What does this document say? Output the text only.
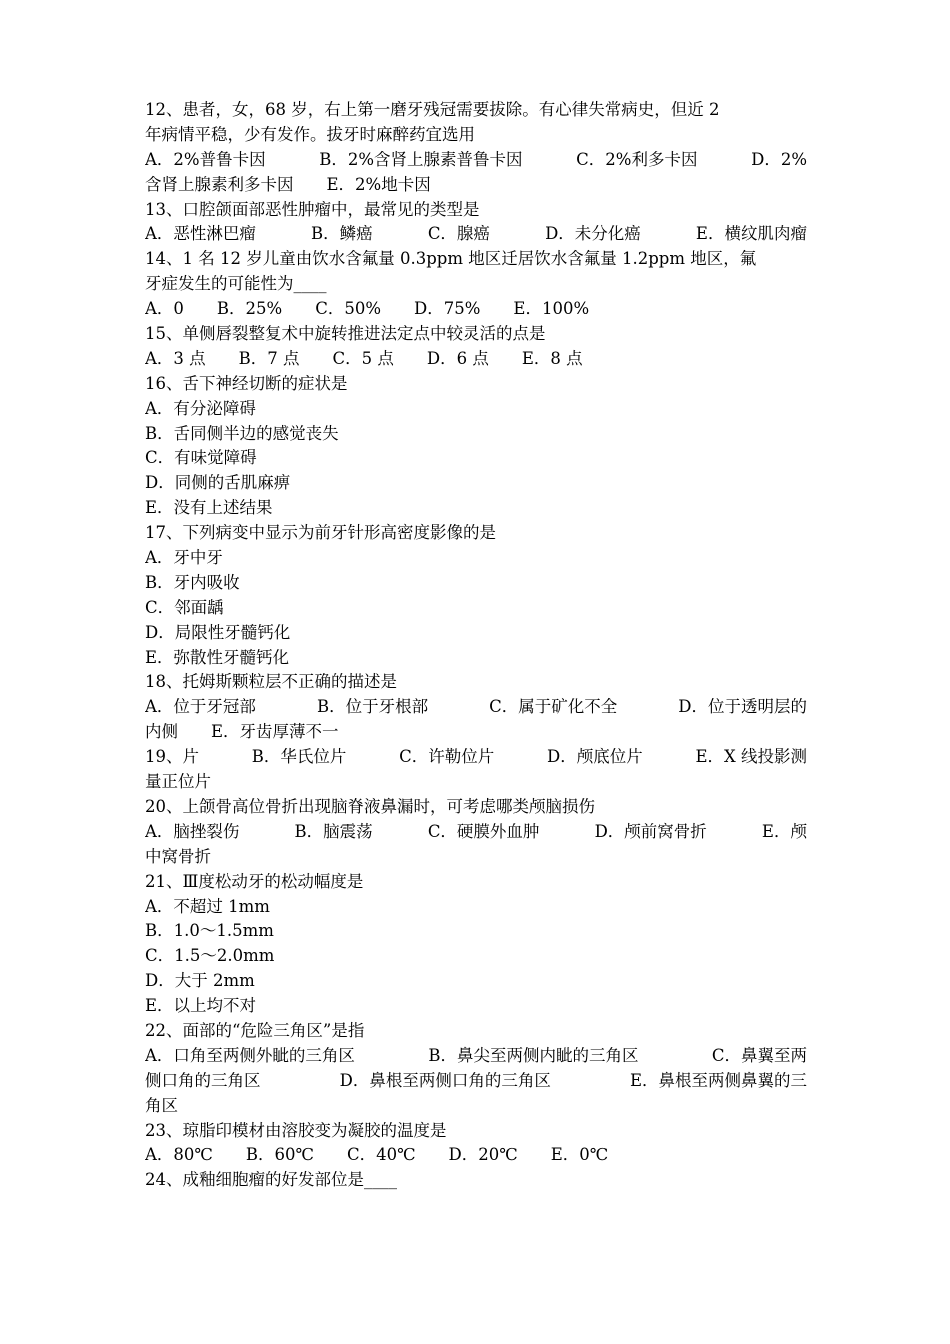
12、患者，女，68 岁，右上第一磨牙残冠需要拔除。有心律失常病史，但近 2
年病情平稳，少有发作。拔牙时麻醉药宜选用
A．2%普鲁卡因	B．2%含肾上腺素普鲁卡因	C．2%利多卡因	D．2%
含肾上腺素利多卡因　　E．2%地卡因
13、口腔颌面部恶性肿瘤中，最常见的类型是
A．恶性淋巴瘤	B．鳞癌	C．腺癌	D．未分化癌	E．横纹肌肉瘤
14、1 名 12 岁儿童由饮水含氟量 0.3ppm 地区迁居饮水含氟量 1.2ppm 地区，氟
牙症发生的可能性为____
A．0　　B．25%　　C．50%　　D．75%　　E．100%
15、单侧唇裂整复术中旋转推进法定点中较灵活的点是
A．3 点　　B．7 点　　C．5 点　　D．6 点　　E．8 点
16、舌下神经切断的症状是
A．有分泌障碍
B．舌同侧半边的感觉丧失
C．有味觉障碍
D．同侧的舌肌麻痹
E．没有上述结果
17、下列病变中显示为前牙针形高密度影像的是
A．牙中牙
B．牙内吸收
C．邻面龋
D．局限性牙髓钙化
E．弥散性牙髓钙化
18、托姆斯颗粒层不正确的描述是
A．位于牙冠部	B．位于牙根部	C．属于矿化不全	D．位于透明层的
内侧　　E．牙齿厚薄不一
19、片	B．华氏位片	C．许勒位片	D．颅底位片	E．X 线投影测
量正位片
20、上颌骨高位骨折出现脑脊液鼻漏时，可考虑哪类颅脑损伤
A．脑挫裂伤	B．脑震荡	C．硬膜外血肿	D．颅前窝骨折	E．颅
中窝骨折
21、Ⅲ度松动牙的松动幅度是
A．不超过 1mm
B．1.0～1.5mm
C．1.5～2.0mm
D．大于 2mm
E．以上均不对
22、面部的“危险三角区”是指
A．口角至两侧外眦的三角区	B．鼻尖至两侧内眦的三角区	C．鼻翼至两
侧口角的三角区	D．鼻根至两侧口角的三角区	E．鼻根至两侧鼻翼的三
角区
23、琼脂印模材由溶胶变为凝胶的温度是
A．80℃　　B．60℃　　C．40℃　　D．20℃　　E．0℃
24、成釉细胞瘤的好发部位是____
